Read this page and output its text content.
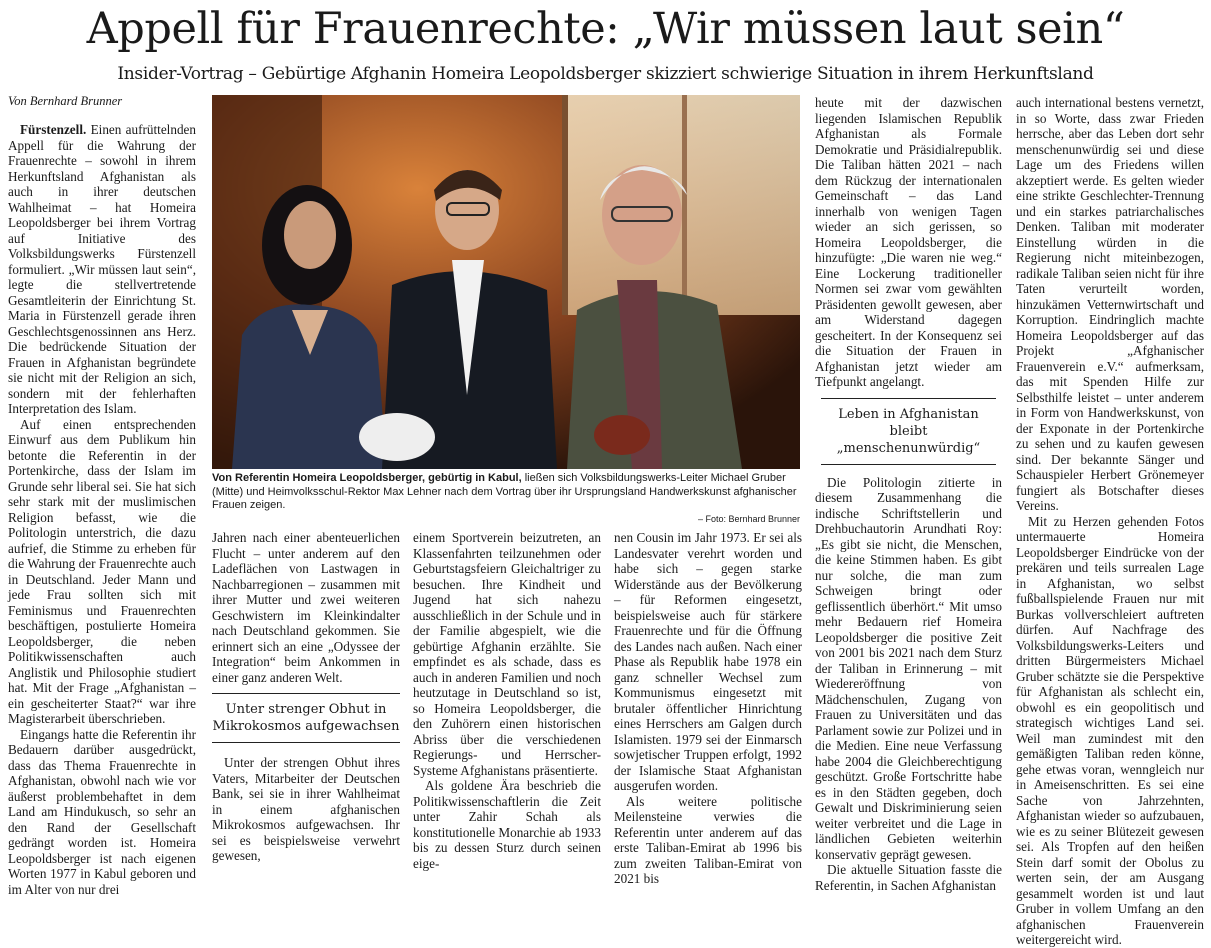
Appell für Frauenrechte: „Wir müssen laut sein“
Insider-Vortrag – Gebürtige Afghanin Homeira Leopoldsberger skizziert schwierige Situation in ihrem Herkunftsland
Von Bernhard Brunner

Fürstenzell. Einen aufrüttelnden Appell für die Wahrung der Frauenrechte – sowohl in ihrem Herkunftsland Afghanistan als auch in ihrer deutschen Wahlheimat – hat Homeira Leopoldsberger bei ihrem Vortrag auf Initiative des Volksbildungswerks Fürstenzell formuliert. „Wir müssen laut sein“, legte die stellvertretende Gesamtleiterin der Einrichtung St. Maria in Fürstenzell gerade ihren Geschlechtsgenossinnen ans Herz. Die bedrückende Situation der Frauen in Afghanistan begründete sie nicht mit der Religion an sich, sondern mit der fehlerhaften Interpretation des Islam.

Auf einen entsprechenden Einwurf aus dem Publikum hin betonte die Referentin in der Portenkirche, dass der Islam im Grunde sehr liberal sei. Sie hat sich sehr stark mit der muslimischen Religion befasst, wie die Politologin unterstrich, die dazu aufrief, die Stimme zu erheben für die Wahrung der Frauenrechte auch in Deutschland. Jeder Mann und jede Frau sollten sich mit Feminismus und Frauenrechten beschäftigen, postulierte Homeira Leopoldsberger, die neben Politikwissenschaften auch Anglistik und Philosophie studiert hat. Mit der Frage „Afghanistan – ein gescheiterter Staat?“ war ihre Magisterarbeit überschrieben.

Eingangs hatte die Referentin ihr Bedauern darüber ausgedrückt, dass das Thema Frauenrechte in Afghanistan, obwohl nach wie vor äußerst problembehaftet in dem Land am Hindukusch, so sehr an den Rand der Gesellschaft gedrängt worden ist. Homeira Leopoldsberger ist nach eigenen Worten 1977 in Kabul geboren und im Alter von nur drei

Von Referentin Homeira Leopoldsberger, gebürtig in Kabul, ließen sich Volksbildungswerks-Leiter Michael Gruber (Mitte) und Heimvolksschul-Rektor Max Lehner nach dem Vortrag über ihr Ursprungsland Handwerkskunst afghanischer Frauen zeigen.
– Foto: Bernhard Brunner

Jahren nach einer abenteuerlichen Flucht – unter anderem auf den Ladeflächen von Lastwagen in Nachbarregionen – zusammen mit ihrer Mutter und zwei weiteren Geschwistern im Kleinkindalter nach Deutschland gekommen. Sie erinnert sich an eine „Odyssee der Integration“ beim Ankommen in einer ganz anderen Welt.

Unter strenger Obhut in Mikrokosmos aufgewachsen

Unter der strengen Obhut ihres Vaters, Mitarbeiter der Deutschen Bank, sei sie in ihrer Wahlheimat in einem afghanischen Mikrokosmos aufgewachsen. Ihr sei es beispielsweise verwehrt gewesen,

einem Sportverein beizutreten, an Klassenfahrten teilzunehmen oder Geburtstagsfeiern Gleichaltriger zu besuchen. Ihre Kindheit und Jugend hat sich nahezu ausschließlich in der Schule und in der Familie abgespielt, wie die gebürtige Afghanin erzählte. Sie empfindet es als schade, dass es auch in anderen Familien und noch heutzutage in Deutschland so ist, so Homeira Leopoldsberger, die den Zuhörern einen historischen Abriss über die verschiedenen Regierungs- und Herrscher-Systeme Afghanistans präsentierte.

Als goldene Ära beschrieb die Politikwissenschaftlerin die Zeit unter Zahir Schah als konstitutionelle Monarchie ab 1933 bis zu dessen Sturz durch seinen eige-

nen Cousin im Jahr 1973. Er sei als Landesvater verehrt worden und habe sich – gegen starke Widerstände aus der Bevölkerung – für Reformen eingesetzt, beispielsweise auch für stärkere Frauenrechte und für die Öffnung des Landes nach außen. Nach einer Phase als Republik habe 1978 ein ganz schneller Wechsel zum Kommunismus eingesetzt mit brutaler öffentlicher Hinrichtung eines Herrschers am Galgen durch Islamisten. 1979 sei der Einmarsch sowjetischer Truppen erfolgt, 1992 der Islamische Staat Afghanistan ausgerufen worden.

Als weitere politische Meilensteine verwies die Referentin unter anderem auf das erste Taliban-Emirat ab 1996 bis zum zweiten Taliban-Emirat von 2021 bis

heute mit der dazwischen liegenden Islamischen Republik Afghanistan als Formale Demokratie und Präsidialrepublik. Die Taliban hätten 2021 – nach dem Rückzug der internationalen Gemeinschaft – das Land innerhalb von wenigen Tagen wieder an sich gerissen, so Homeira Leopoldsberger, die hinzufügte: „Die waren nie weg.“ Eine Lockerung traditioneller Normen sei zwar vom gewählten Präsidenten gewollt gewesen, aber am Widerstand dagegen gescheitert. In der Konsequenz sei die Situation der Frauen in Afghanistan jetzt wieder am Tiefpunkt angelangt.

Leben in Afghanistan bleibt „menschenunwürdig“

Die Politologin zitierte in diesem Zusammenhang die indische Schriftstellerin und Drehbuchautorin Arundhati Roy: „Es gibt sie nicht, die Menschen, die keine Stimmen haben. Es gibt nur solche, die man zum Schweigen bringt oder geflissentlich überhört.“ Mit umso mehr Bedauern rief Homeira Leopoldsberger die positive Zeit von 2001 bis 2021 nach dem Sturz der Taliban in Erinnerung – mit Wiedereröffnung von Mädchenschulen, Zugang von Frauen zu Universitäten und das Parlament sowie zur Polizei und in die Medien. Eine neue Verfassung habe 2004 die Gleichberechtigung geschützt. Große Fortschritte habe es in den Städten gegeben, doch Gewalt und Diskriminierung seien weiter verbreitet und die Lage in ländlichen Gebieten weiterhin konservativ geprägt gewesen.

Die aktuelle Situation fasste die Referentin, in Sachen Afghanistan

auch international bestens vernetzt, in so Worte, dass zwar Frieden herrsche, aber das Leben dort sehr menschenunwürdig sei und diese Lage um des Friedens willen akzeptiert werde. Es gelten wieder eine strikte Geschlechter-Trennung und ein starkes patriarchalisches Denken. Taliban mit moderater Einstellung würden in die Regierung nicht miteinbezogen, radikale Taliban seien nicht für ihre Taten verurteilt worden, hinzukämen Vetternwirtschaft und Korruption. Eindringlich machte Homeira Leopoldsberger auf das Projekt „Afghanischer Frauenverein e.V.“ aufmerksam, das mit Spenden Hilfe zur Selbsthilfe leistet – unter anderem in Form von Handwerkskunst, von der Exponate in der Portenkirche zu sehen und zu kaufen gewesen sind. Der bekannte Sänger und Schauspieler Herbert Grönemeyer fungiert als Botschafter dieses Vereins.

Mit zu Herzen gehenden Fotos untermauerte Homeira Leopoldsberger Eindrücke von der prekären und teils surrealen Lage in Afghanistan, wo selbst fußballspielende Frauen nur mit Burkas vollverschleiert auftreten dürfen. Auf Nachfrage des Volksbildungswerks-Leiters und dritten Bürgermeisters Michael Gruber schätzte sie die Perspektive für Afghanistan als schlecht ein, obwohl es ein geopolitisch und strategisch wichtiges Land sei. Weil man zumindest mit den gemäßigten Taliban reden könne, gehe etwas voran, wenngleich nur in Ameisenschritten. Es sei eine Sache von Jahrzehnten, Afghanistan wieder so aufzubauen, wie es zu seiner Blütezeit gewesen sei. Als Tropfen auf den heißen Stein darf somit der Obolus zu werten sein, der am Ausgang gesammelt worden ist und laut Gruber in vollem Umfang an den afghanischen Frauenverein weitergereicht wird.
